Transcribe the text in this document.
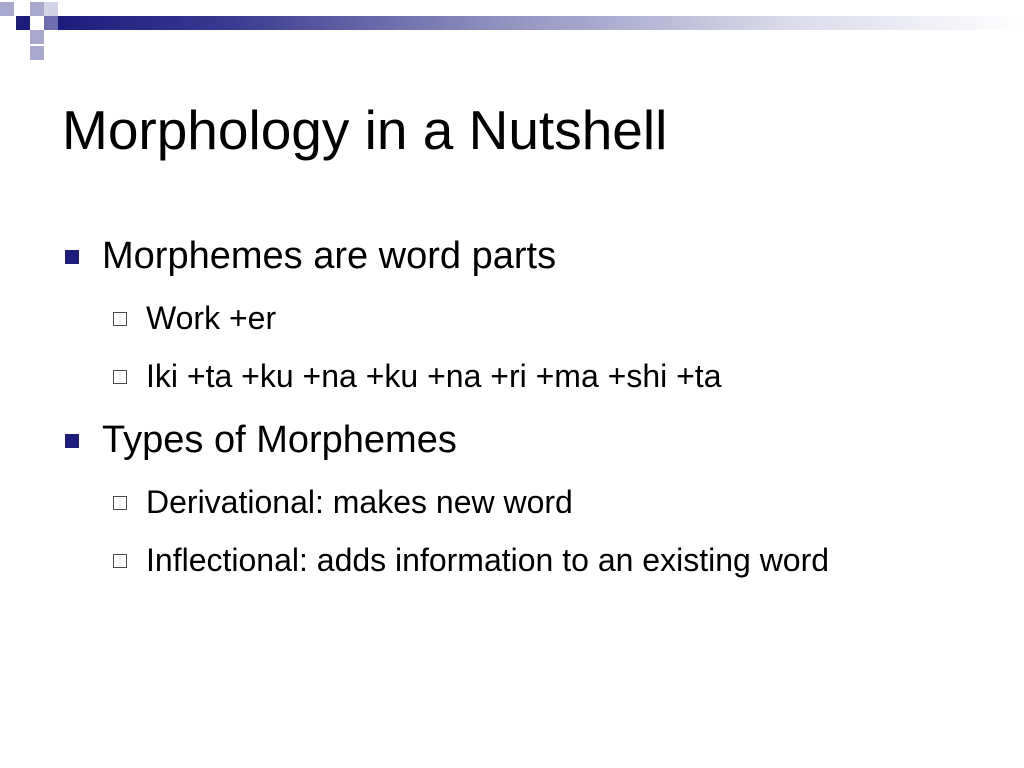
Morphology in a Nutshell

Morphemes are word parts

Work +er

Iki +ta +ku +na +ku +na +ri +ma +shi +ta

Types of Morphemes

Derivational: makes new word

Inflectional: adds information to an existing word
